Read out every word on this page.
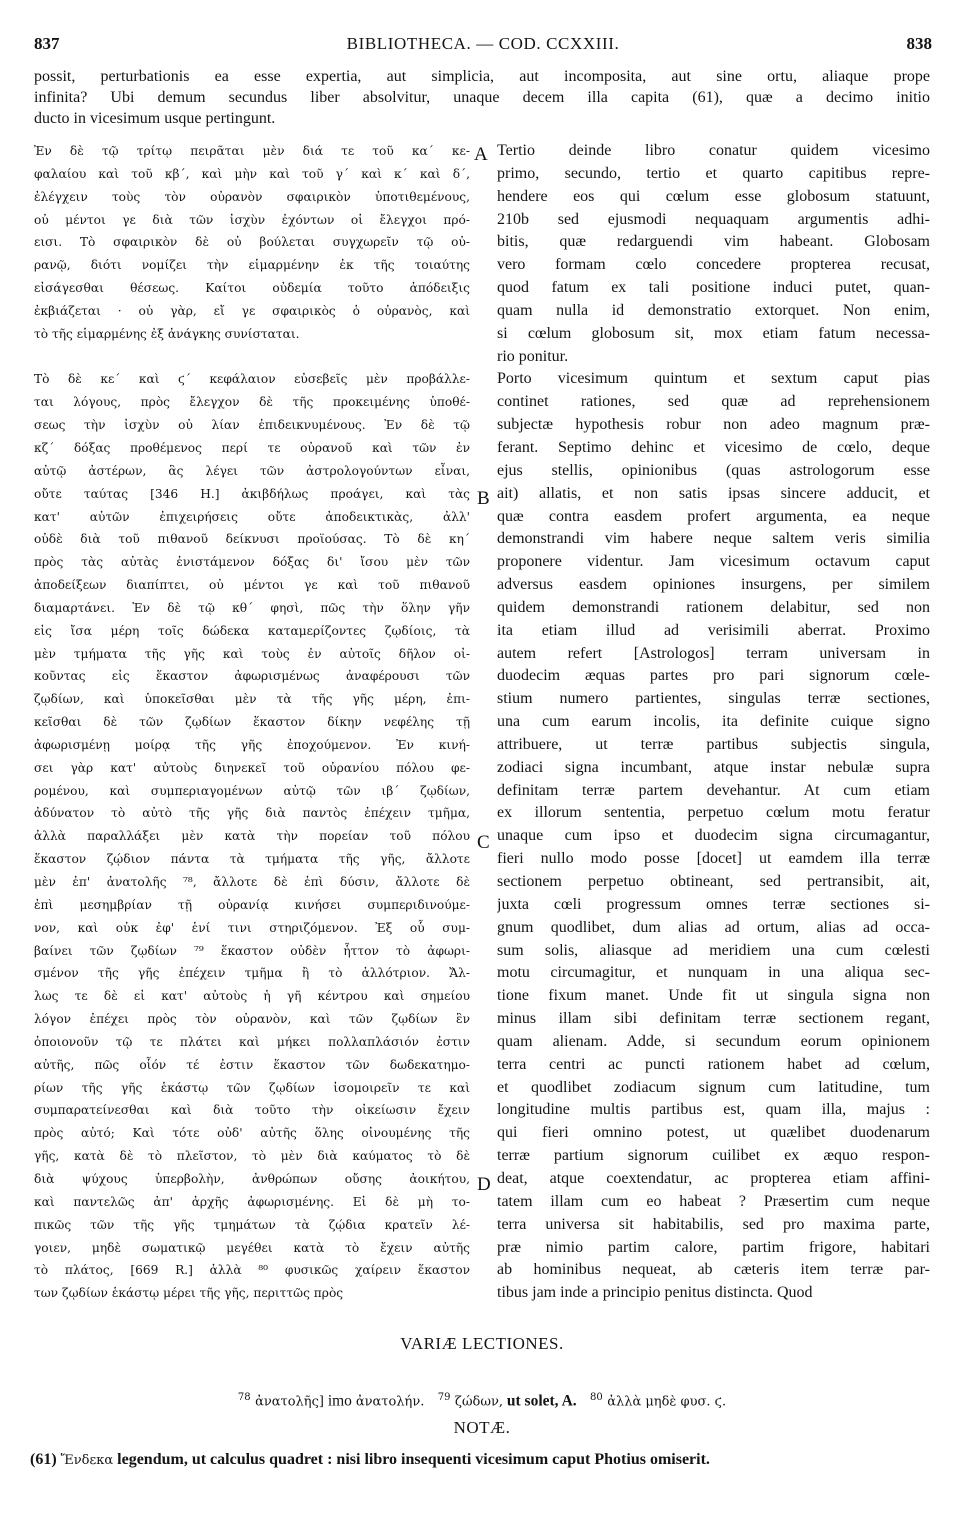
837	BIBLIOTHECA. — COD. CCXXIII.	838
possit, perturbationis ea esse expertia, aut simplicia, aut incomposita, aut sine ortu, aliaque prope
infinita? Ubi demum secundus liber absolvitur, unaque decem illa capita (61), quæ a decimo initio
ducto in vicesimum usque pertingunt.
Ἐν δὲ τῷ τρίτῳ πειρᾶται μὲν διά τε τοῦ κα΄ κε-
φαλαίου καὶ τοῦ κβ΄, καὶ μὴν καὶ τοῦ γ΄ καὶ κ΄ καὶ δ΄,
ἐλέγχειν τοὺς τὸν οὐρανὸν σφαιρικὸν ὑποτιθεμένους,
οὐ μέντοι γε διὰ τῶν ἰσχὺν ἐχόντων οἱ ἔλεγχοι πρό-
εισι. Τὸ σφαιρικὸν δὲ οὐ βούλεται συγχωρεῖν τῷ οὐ-
ρανῷ, διότι νομίζει τὴν εἱμαρμένην ἐκ τῆς τοιαύτης
εἰσάγεσθαι θέσεως. Καίτοι οὐδεμία τοῦτο ἀπόδειξις
ἐκβιάζεται · οὐ γὰρ, εἴ γε σφαιρικὸς ὁ οὐρανὸς, καὶ
τὸ τῆς εἱμαρμένης ἐξ ἀνάγκης συνίσταται.
Τὸ δὲ κε΄ καὶ ϛ΄ κεφάλαιον εὐσεβεῖς μὲν προβάλλε-
ται λόγους, πρὸς ἔλεγχον δὲ τῆς προκειμένης ὑποθέ-
σεως τὴν ἰσχὺν οὐ λίαν ἐπιδεικνυμένους. Ἐν δὲ τῷ
κζ΄ δόξας προθέμενος περί τε οὐρανοῦ καὶ τῶν ἐν
αὐτῷ ἀστέρων, ἃς λέγει τῶν ἀστρολογούντων εἶναι,
οὔτε ταύτας [346 H.] ἀκιβδήλως προάγει, καὶ τὰς
κατ' αὐτῶν ἐπιχειρήσεις οὔτε ἀποδεικτικὰς, ἀλλ'
οὐδὲ διὰ τοῦ πιθανοῦ δείκνυσι προϊούσας. Τὸ δὲ κη΄
πρὸς τὰς αὐτὰς ἐνιστάμενον δόξας δι' ἴσου μὲν τῶν
ἀποδείξεων διαπίπτει, οὐ μέντοι γε καὶ τοῦ πιθανοῦ
διαμαρτάνει. Ἐν δὲ τῷ κθ΄ φησὶ, πῶς τὴν ὅλην γῆν
εἰς ἴσα μέρη τοῖς δώδεκα καταμερίζοντες ζῳδίοις, τὰ
μὲν τμήματα τῆς γῆς καὶ τοὺς ἐν αὐτοῖς δῆλον οἰ-
κοῦντας εἰς ἕκαστον ἀφωρισμένως ἀναφέρουσι τῶν
ζῳδίων, καὶ ὑποκεῖσθαι μὲν τὰ τῆς γῆς μέρη, ἐπι-
κεῖσθαι δὲ τῶν ζῳδίων ἕκαστον δίκην νεφέλης τῇ
ἀφωρισμένῃ μοίρᾳ τῆς γῆς ἐποχούμενον. Ἐν κινή-
σει γὰρ κατ' αὐτοὺς διηνεκεῖ τοῦ οὐρανίου πόλου φε-
ρομένου, καὶ συμπεριαγομένων αὐτῷ τῶν ιβ΄ ζῳδίων,
ἀδύνατον τὸ αὐτὸ τῆς γῆς διὰ παντὸς ἐπέχειν τμῆμα,
ἀλλὰ παραλλάξει μὲν κατὰ τὴν πορείαν τοῦ πόλου
ἕκαστον ζῴδιον πάντα τὰ τμήματα τῆς γῆς, ἄλλοτε
μὲν ἐπ' ἀνατολῆς ⁷⁸, ἄλλοτε δὲ ἐπὶ δύσιν, ἄλλοτε δὲ
ἐπὶ μεσημβρίαν τῇ οὐρανίᾳ κινήσει συμπεριδινούμε-
νον, καὶ οὐκ ἐφ' ἑνί τινι στηριζόμενον. Ἐξ οὗ συμ-
βαίνει τῶν ζῳδίων ⁷⁹ ἕκαστον οὐδὲν ἧττον τὸ ἀφωρι-
σμένον τῆς γῆς ἐπέχειν τμῆμα ἢ τὸ ἀλλότριον. Ἄλ-
λως τε δὲ εἰ κατ' αὐτοὺς ἡ γῆ κέντρου καὶ σημείου
λόγον ἐπέχει πρὸς τὸν οὐρανὸν, καὶ τῶν ζῳδίων ἓν
ὁποιονοῦν τῷ τε πλάτει καὶ μήκει πολλαπλάσιόν ἐστιν
αὐτῆς, πῶς οἷόν τέ ἐστιν ἕκαστον τῶν δωδεκατημο-
ρίων τῆς γῆς ἑκάστῳ τῶν ζῳδίων ἰσομοιρεῖν τε καὶ
συμπαρατείνεσθαι καὶ διὰ τοῦτο τὴν οἰκείωσιν ἔχειν
πρὸς αὐτό; Καὶ τότε οὐδ' αὐτῆς ὅλης οἰνουμένης τῆς
γῆς, κατὰ δὲ τὸ πλεῖστον, τὸ μὲν διὰ καύματος τὸ δὲ
διὰ ψύχους ὑπερβολὴν, ἀνθρώπων οὔσης ἀοικήτου,
καὶ παντελῶς ἀπ' ἀρχῆς ἀφωρισμένης. Εἰ δὲ μὴ το-
πικῶς τῶν τῆς γῆς τμημάτων τὰ ζῴδια κρατεῖν λέ-
γοιεν, μηδὲ σωματικῷ μεγέθει κατὰ τὸ ἔχειν αὐτῆς
τὸ πλάτος, [669 R.] ἀλλὰ ⁸⁰ φυσικῶς χαίρειν ἕκαστον
των ζῳδίων ἑκάστῳ μέρει τῆς γῆς, περιττῶς πρὸς
Tertio deinde libro conatur quidem vicesimo
primo, secundo, tertio et quarto capitibus repre-
hendere eos qui cœlum esse globosum statuunt,
210b sed ejusmodi nequaquam argumentis adhi-
bitis, quæ redarguendi vim habeant. Globosam
vero formam cœlo concedere propterea recusat,
quod fatum ex tali positione induci putet, quan-
quam nulla id demonstratio extorquet. Non enim,
si cœlum globosum sit, mox etiam fatum necessa-
rio ponitur.
Porto vicesimum quintum et sextum caput pias
continet rationes, sed quæ ad reprehensionem
subjectæ hypothesis robur non adeo magnum præ-
ferant. Septimo dehinc et vicesimo de cœlo, deque
ejus stellis, opinionibus (quas astrologorum esse
ait) allatis, et non satis ipsas sincere adducit, et
quæ contra easdem profert argumenta, ea neque
demonstrandi vim habere neque saltem veris similia
proponere videntur. Jam vicesimum octavum caput
adversus easdem opiniones insurgens, per similem
quidem demonstrandi rationem delabitur, sed non
ita etiam illud ad verisimili aberrat. Proximo
autem refert [Astrologos] terram universam in
duodecim æquas partes pro pari signorum cœle-
stium numero partientes, singulas terræ sectiones,
una cum earum incolis, ita definite cuique signo
attribuere, ut terræ partibus subjectis singula,
zodiaci signa incumbant, atque instar nebulæ supra
definitam terræ partem devehantur. At cum etiam
ex illorum sententia, perpetuo cœlum motu feratur
unaque cum ipso et duodecim signa circumagantur,
fieri nullo modo posse [docet] ut eamdem illa terræ
sectionem perpetuo obtineant, sed pertransibit, ait,
juxta cœli progressum omnes terræ sectiones si-
gnum quodlibet, dum alias ad ortum, alias ad occa-
sum solis, aliasque ad meridiem una cum cœlesti
motu circumagitur, et nunquam in una aliqua sec-
tione fixum manet. Unde fit ut singula signa non
minus illam sibi definitam terræ sectionem regant,
quam alienam. Adde, si secundum eorum opinionem
terra centri ac puncti rationem habet ad cœlum,
et quodlibet zodiacum signum cum latitudine, tum
longitudine multis partibus est, quam illa, majus :
qui fieri omnino potest, ut quælibet duodenarum
terræ partium signorum cuilibet ex æquo respon-
deat, atque coextendatur, ac propterea etiam affini-
tatem illam cum eo habeat ? Præsertim cum neque
terra universa sit habitabilis, sed pro maxima parte,
præ nimio partim calore, partim frigore, habitari
ab hominibus nequeat, ab cæteris item terræ par-
tibus jam inde a principio penitus distincta. Quod
A
B
C
D
VARIÆ LECTIONES.
$^{78}$ ἀνατολῆς] imo ἀνατολήν. $^{79}$ ζώδων, ut solet, A. $^{80}$ ἀλλὰ μηδὲ φυσ. ϛ.
NOTÆ.
(61) Ἔνδεκα legendum, ut calculus quadret : nisi libro insequenti vicesimum caput Photius omiserit.
